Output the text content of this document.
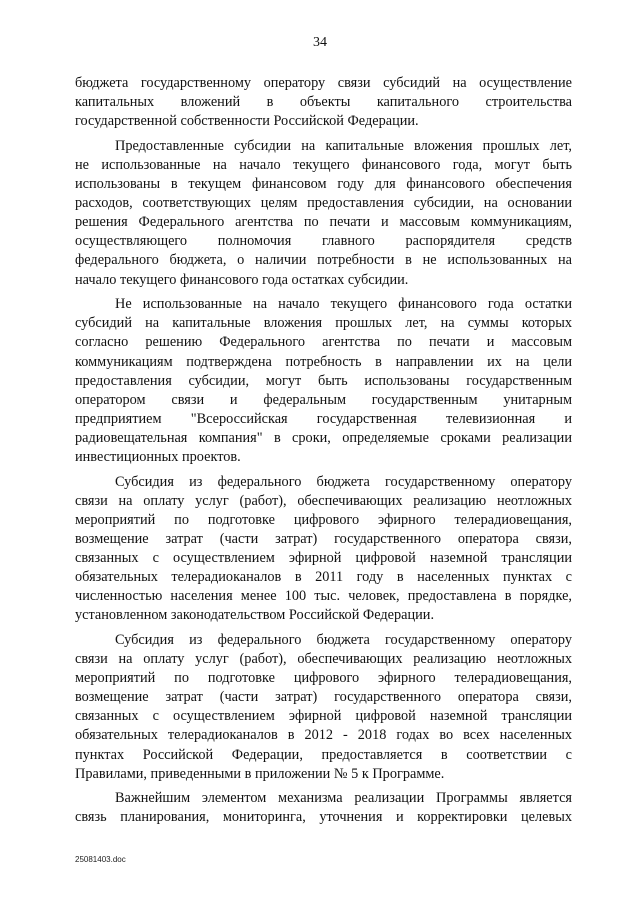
34
бюджета государственному оператору связи субсидий на осуществление
капитальных вложений в объекты капитального строительства
государственной собственности Российской Федерации.
Предоставленные субсидии на капитальные вложения прошлых лет,
не использованные на начало текущего финансового года, могут быть
использованы в текущем финансовом году для финансового обеспечения
расходов, соответствующих целям предоставления субсидии, на основании
решения Федерального агентства по печати и массовым коммуникациям,
осуществляющего полномочия главного распорядителя средств
федерального бюджета, о наличии потребности в не использованных на
начало текущего финансового года остатках субсидии.
Не использованные на начало текущего финансового года остатки
субсидий на капитальные вложения прошлых лет, на суммы которых
согласно решению Федерального агентства по печати и массовым
коммуникациям подтверждена потребность в направлении их на цели
предоставления субсидии, могут быть использованы государственным
оператором связи и федеральным государственным унитарным
предприятием "Всероссийская государственная телевизионная и
радиовещательная компания" в сроки, определяемые сроками реализации
инвестиционных проектов.
Субсидия из федерального бюджета государственному оператору
связи на оплату услуг (работ), обеспечивающих реализацию неотложных
мероприятий по подготовке цифрового эфирного телерадиовещания,
возмещение затрат (части затрат) государственного оператора связи,
связанных с осуществлением эфирной цифровой наземной трансляции
обязательных телерадиоканалов в 2011 году в населенных пунктах с
численностью населения менее 100 тыс. человек, предоставлена в порядке,
установленном законодательством Российской Федерации.
Субсидия из федерального бюджета государственному оператору
связи на оплату услуг (работ), обеспечивающих реализацию неотложных
мероприятий по подготовке цифрового эфирного телерадиовещания,
возмещение затрат (части затрат) государственного оператора связи,
связанных с осуществлением эфирной цифровой наземной трансляции
обязательных телерадиоканалов в 2012 - 2018 годах во всех населенных
пунктах Российской Федерации, предоставляется в соответствии с
Правилами, приведенными в приложении № 5 к Программе.
Важнейшим элементом механизма реализации Программы является
связь планирования, мониторинга, уточнения и корректировки целевых
25081403.doc
